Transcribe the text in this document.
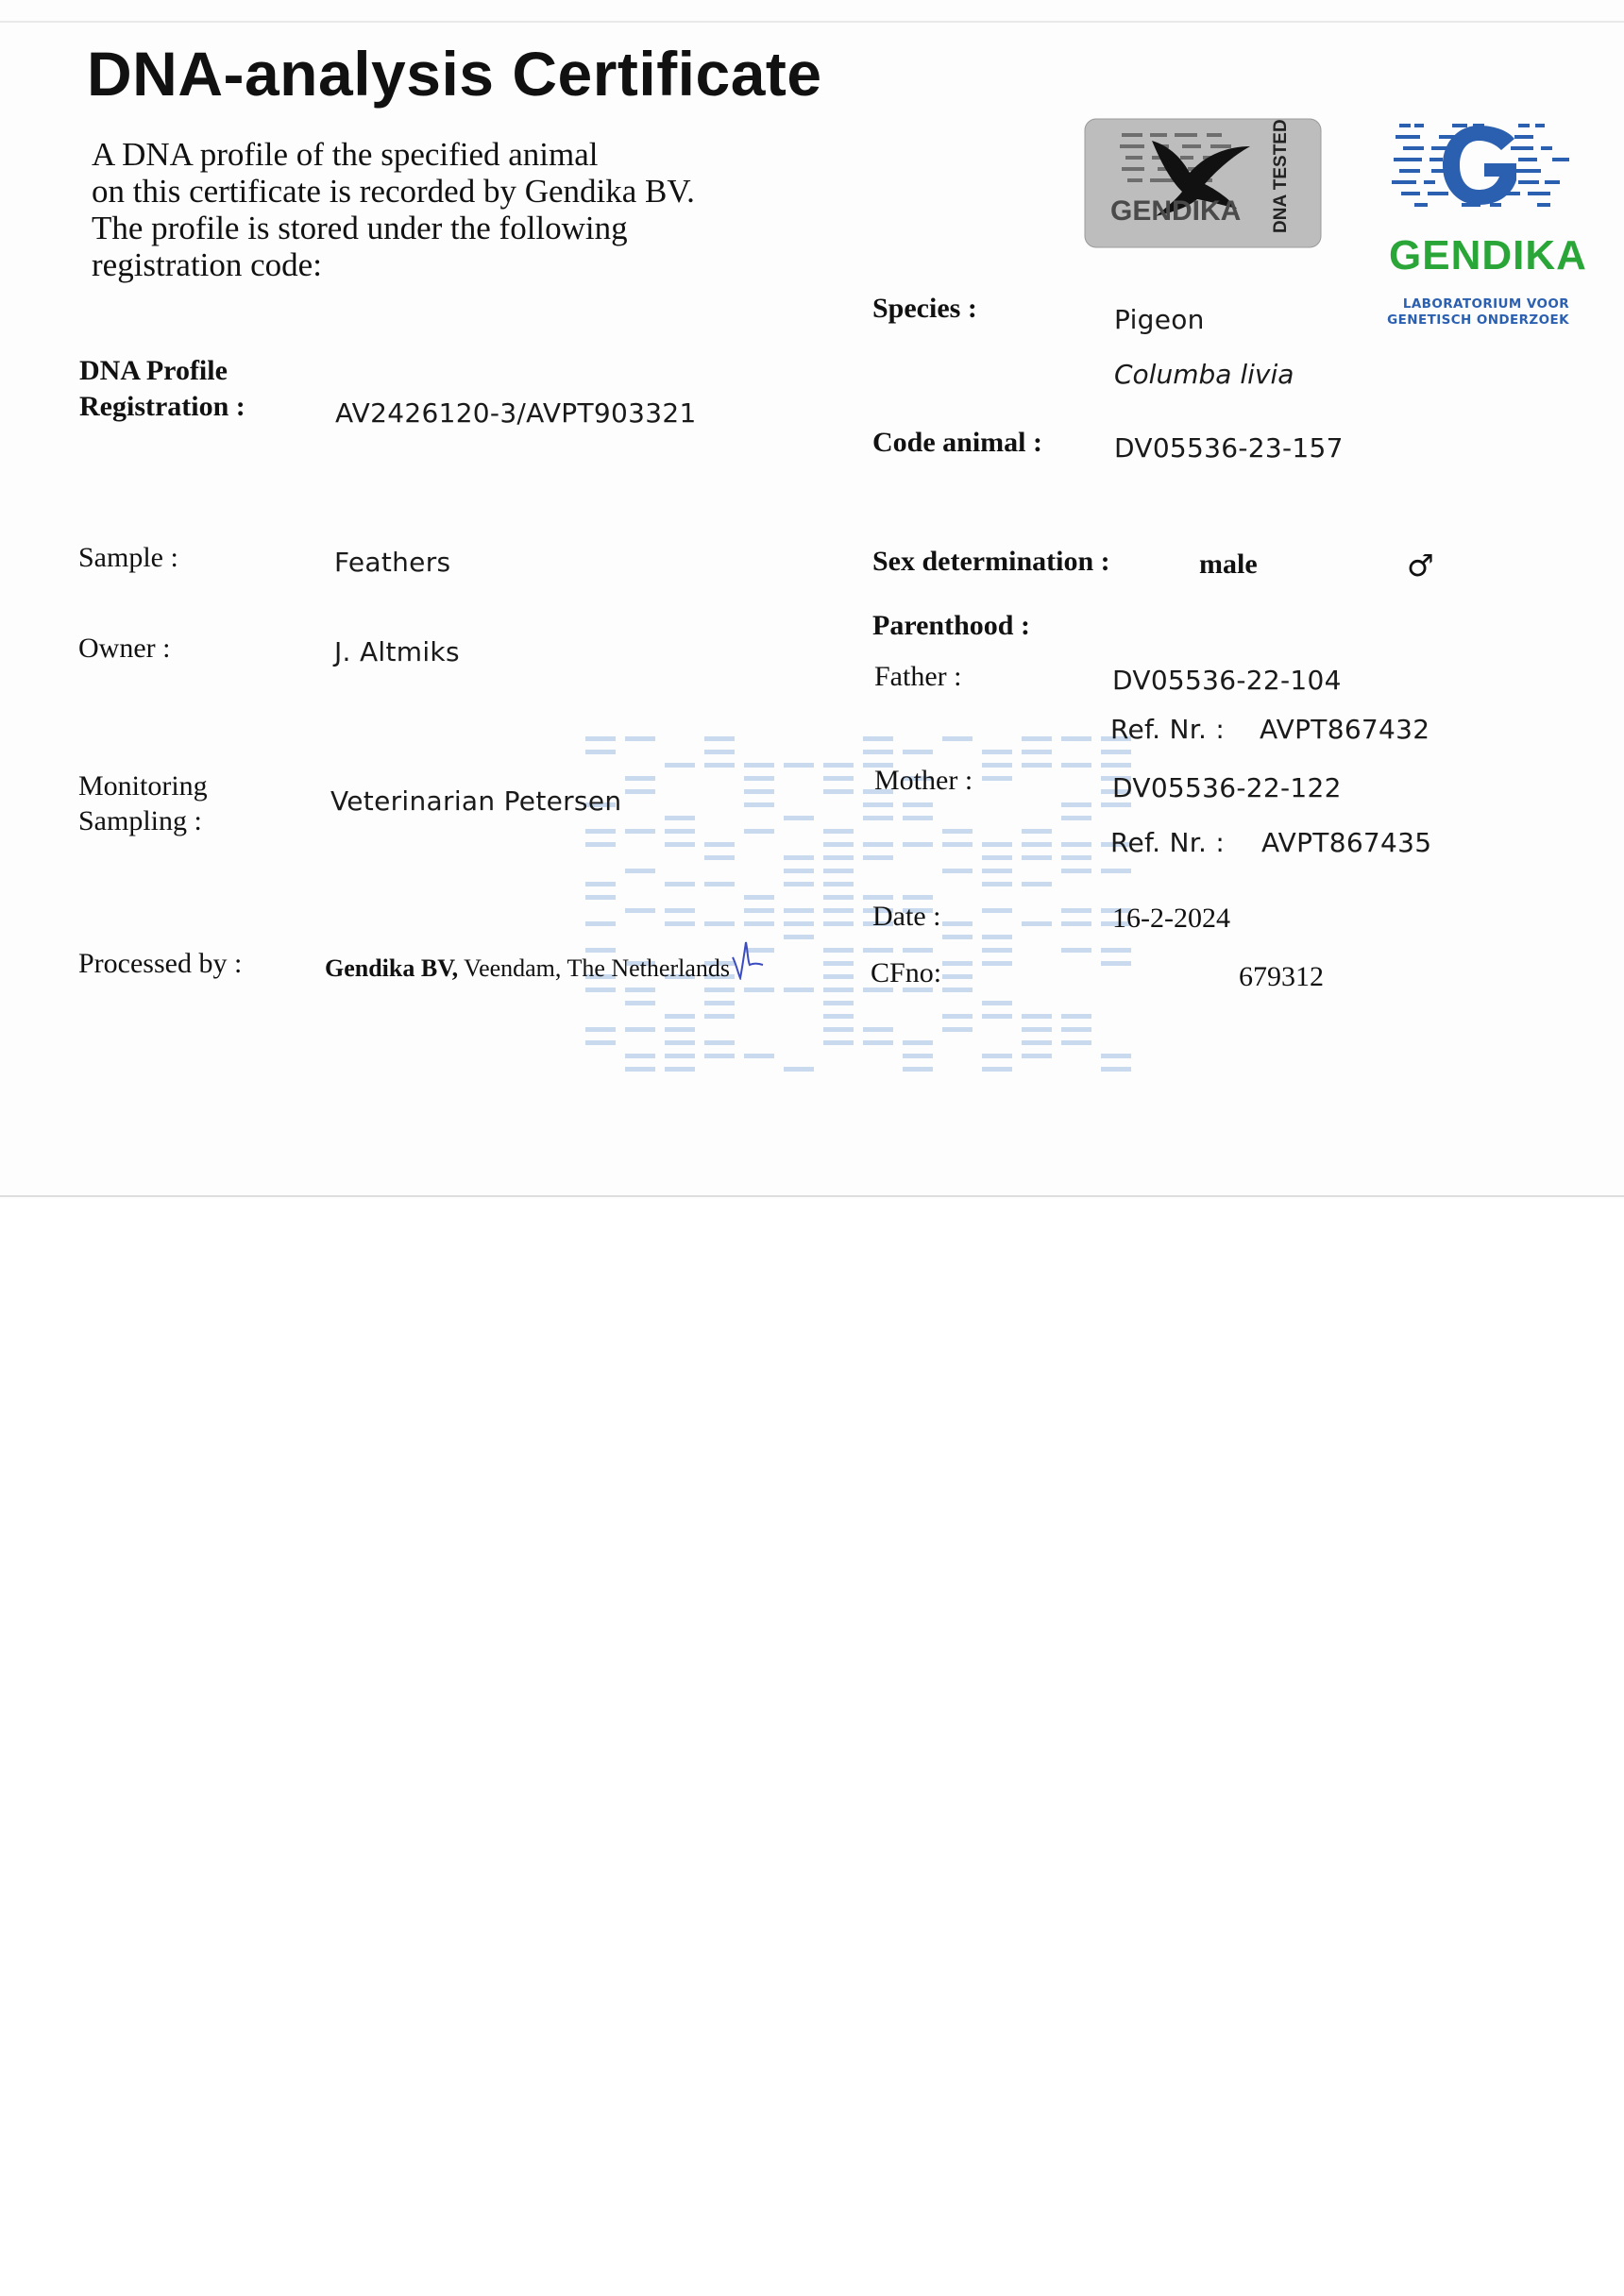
DNA-analysis Certificate
A DNA profile of the specified animal
on this certificate is recorded by Gendika BV.
The profile is stored under the following
registration code:
GENDIKA DNA TESTED
GENDIKA
LABORATORIUM VOOR
GENETISCH ONDERZOEK
DNA Profile
Registration :	AV2426120-3/AVPT903321
Sample :	Feathers
Owner :	J. Altmiks
Monitoring
Sampling :
Veterinarian Petersen
Processed by :	Gendika BV, Veendam, The Netherlands
Species :	Pigeon
Columba livia
Code animal :	DV05536-23-157
Sex determination :	male	♂
Parenthood :
Father :	DV05536-22-104
Ref. Nr. : AVPT867432
Mother :	DV05536-22-122
Ref. Nr. : AVPT867435
Date :	16-2-2024
CFno:	679312
